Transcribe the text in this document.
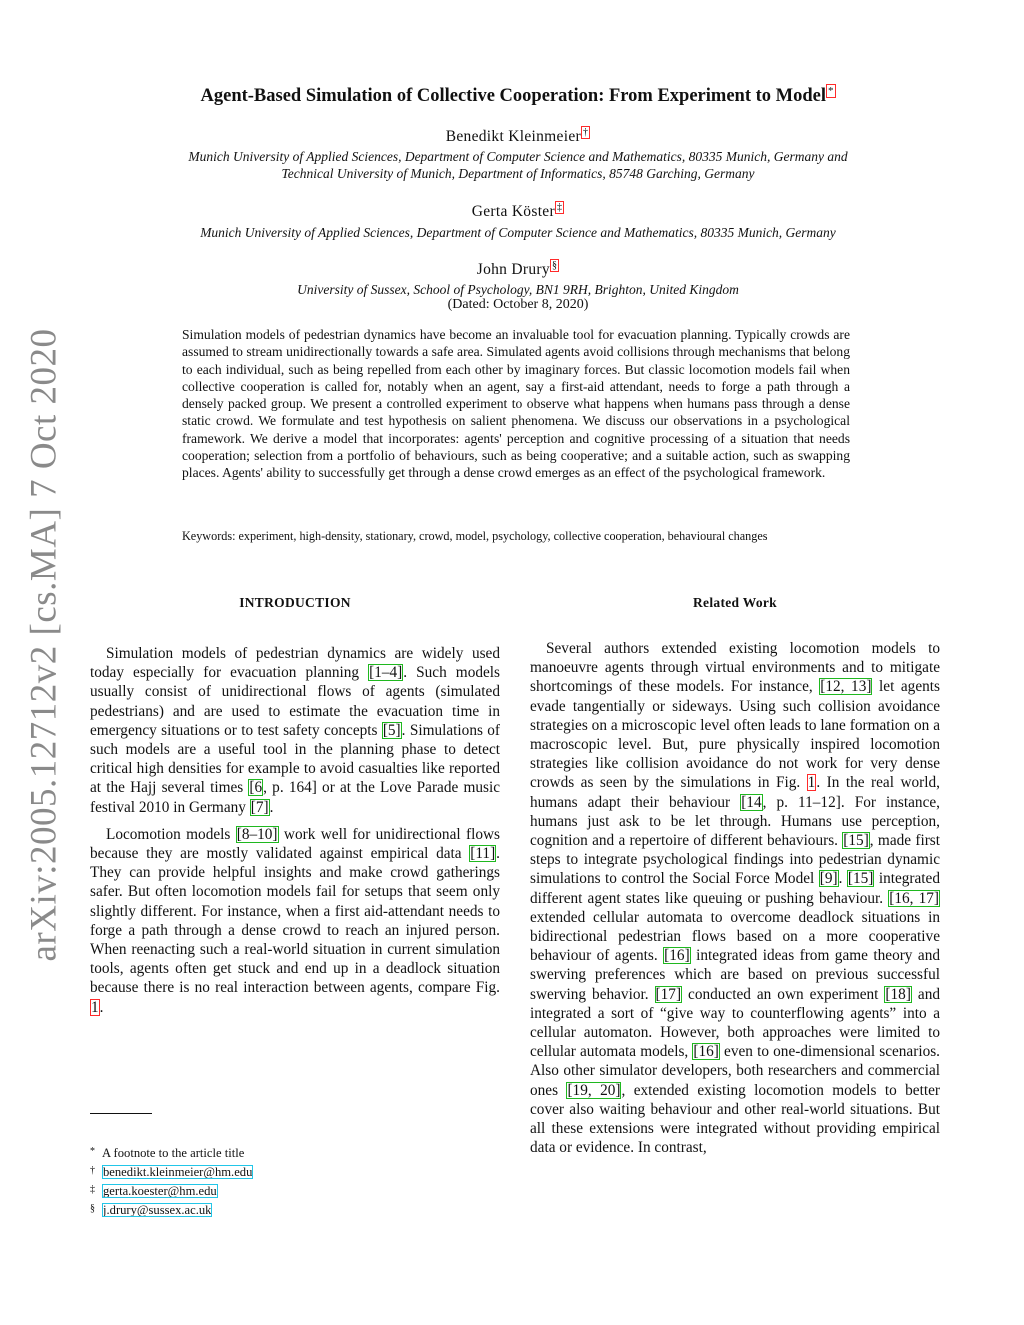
arXiv:2005.12712v2 [cs.MA] 7 Oct 2020
Agent-Based Simulation of Collective Cooperation: From Experiment to Model *
Benedikt Kleinmeier †
Munich University of Applied Sciences, Department of Computer Science and Mathematics, 80335 Munich, Germany and
Technical University of Munich, Department of Informatics, 85748 Garching, Germany
Gerta Köster ‡
Munich University of Applied Sciences, Department of Computer Science and Mathematics, 80335 Munich, Germany
John Drury §
University of Sussex, School of Psychology, BN1 9RH, Brighton, United Kingdom
(Dated: October 8, 2020)
Simulation models of pedestrian dynamics have become an invaluable tool for evacuation planning. Typically crowds are assumed to stream unidirectionally towards a safe area. Simulated agents avoid collisions through mechanisms that belong to each individual, such as being repelled from each other by imaginary forces. But classic locomotion models fail when collective cooperation is called for, notably when an agent, say a first-aid attendant, needs to forge a path through a densely packed group. We present a controlled experiment to observe what happens when humans pass through a dense static crowd. We formulate and test hypothesis on salient phenomena. We discuss our observations in a psychological framework. We derive a model that incorporates: agents' perception and cognitive processing of a situation that needs cooperation; selection from a portfolio of behaviours, such as being cooperative; and a suitable action, such as swapping places. Agents' ability to successfully get through a dense crowd emerges as an effect of the psychological framework.
Keywords: experiment, high-density, stationary, crowd, model, psychology, collective cooperation, behavioural changes
INTRODUCTION	Related Work

Simulation models of pedestrian dynamics are widely used today especially for evacuation planning [1–4]. Such models usually consist of unidirectional flows of agents (simulated pedestrians) and are used to estimate the evacuation time in emergency situations or to test safety concepts [5]. Simulations of such models are a useful tool in the planning phase to detect critical high densities for example to avoid casualties like reported at the Hajj several times [6, p. 164] or at the Love Parade music festival 2010 in Germany [7].

Locomotion models [8–10] work well for unidirectional flows because they are mostly validated against empirical data [11]. They can provide helpful insights and make crowd gatherings safer. But often locomotion models fail for setups that seem only slightly different. For instance, when a first aid-attendant needs to forge a path through a dense crowd to reach an injured person. When reenacting such a real-world situation in current simulation tools, agents often get stuck and end up in a deadlock situation because there is no real interaction between agents, compare Fig. 1.

* A footnote to the article title
† benedikt.kleinmeier@hm.edu
‡ gerta.koester@hm.edu
§ j.drury@sussex.ac.uk

Several authors extended existing locomotion models to manoeuvre agents through virtual environments and to mitigate shortcomings of these models. For instance, [12, 13] let agents evade tangentially or sideways. Using such collision avoidance strategies on a microscopic level often leads to lane formation on a macroscopic level. But, pure physically inspired locomotion strategies like collision avoidance do not work for very dense crowds as seen by the simulations in Fig. 1. In the real world, humans adapt their behaviour [14, p. 11–12]. For instance, humans just ask to be let through. Humans use perception, cognition and a repertoire of different behaviours. [15], made first steps to integrate psychological findings into pedestrian dynamic simulations to control the Social Force Model [9]. [15] integrated different agent states like queuing or pushing behaviour. [16, 17] extended cellular automata to overcome deadlock situations in bidirectional pedestrian flows based on a more cooperative behaviour of agents. [16] integrated ideas from game theory and swerving preferences which are based on previous successful swerving behavior. [17] conducted an own experiment [18] and integrated a sort of “give way to counterflowing agents” into a cellular automaton. However, both approaches were limited to cellular automata models, [16] even to one-dimensional scenarios. Also other simulator developers, both researchers and commercial ones [19, 20], extended existing locomotion models to better cover also waiting behaviour and other real-world situations. But all these extensions were integrated without providing empirical data or evidence. In contrast,
